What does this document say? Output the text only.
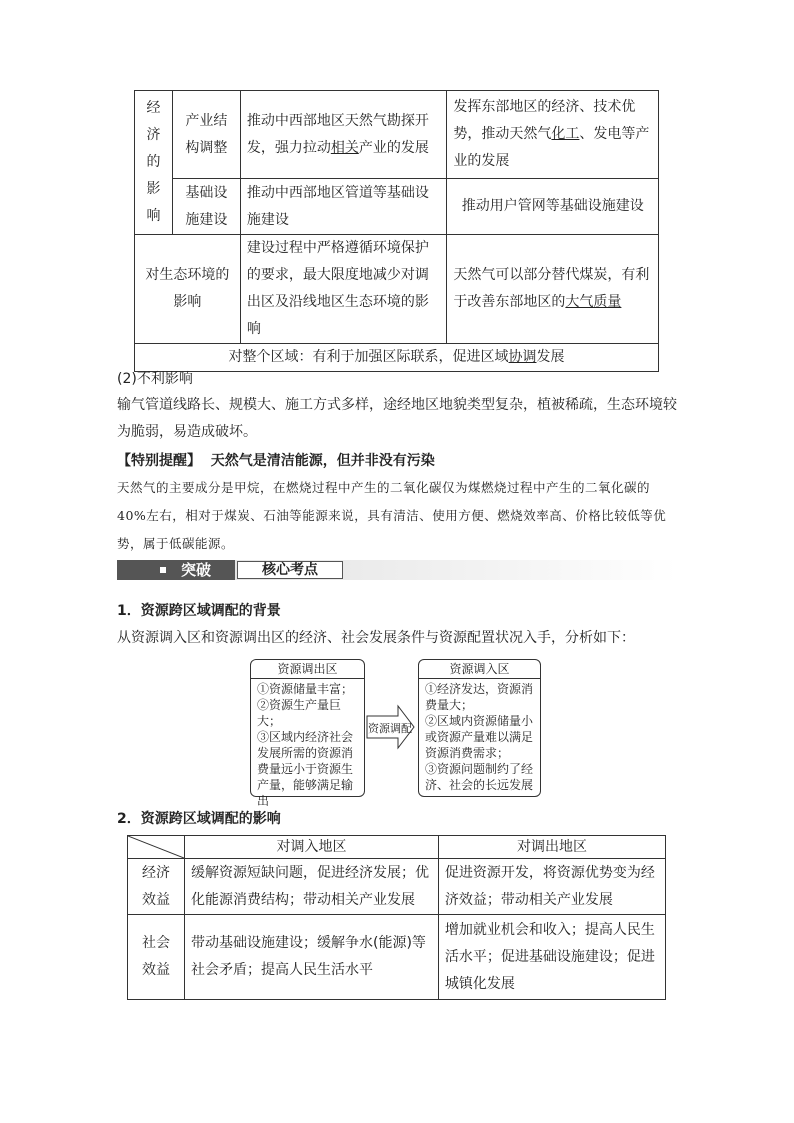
经
济
的
影
响	产业结构调整	推动中西部地区天然气勘探开发，强力拉动相关产业的发展	发挥东部地区的经济、技术优势，推动天然气化工、发电等产业的发展
	基础设施建设	推动中西部地区管道等基础设施建设	推动用户管网等基础设施建设
对生态环境的影响		建设过程中严格遵循环境保护的要求，最大限度地减少对调出区及沿线地区生态环境的影响	天然气可以部分替代煤炭，有利于改善东部地区的大气质量
对整个区域：有利于加强区际联系，促进区域协调发展			
(2)不利影响
输气管道线路长、规模大、施工方式多样，途经地区地貌类型复杂，植被稀疏，生态环境较为脆弱，易造成破坏。
【特别提醒】 天然气是清洁能源，但并非没有污染
天然气的主要成分是甲烷，在燃烧过程中产生的二氧化碳仅为煤燃烧过程中产生的二氧化碳的40%左右，相对于煤炭、石油等能源来说，具有清洁、使用方便、燃烧效率高、价格比较低等优势，属于低碳能源。
突破	核心考点
1．资源跨区域调配的背景
从资源调入区和资源调出区的经济、社会发展条件与资源配置状况入手，分析如下：
资源调出区
①资源储量丰富；
②资源生产量巨大；
③区域内经济社会发展所需的资源消费量远小于资源生产量，能够满足输出
资源调配
资源调入区
①经济发达，资源消费量大；
②区域内资源储量小或资源产量难以满足资源消费需求；
③资源问题制约了经济、社会的长远发展
2．资源跨区域调配的影响
	对调入地区	对调出地区
经济效益	缓解资源短缺问题，促进经济发展；优化能源消费结构；带动相关产业发展	促进资源开发，将资源优势变为经济效益；带动相关产业发展
社会效益	带动基础设施建设；缓解争水(能源)等社会矛盾；提高人民生活水平	增加就业机会和收入；提高人民生活水平；促进基础设施建设；促进城镇化发展
